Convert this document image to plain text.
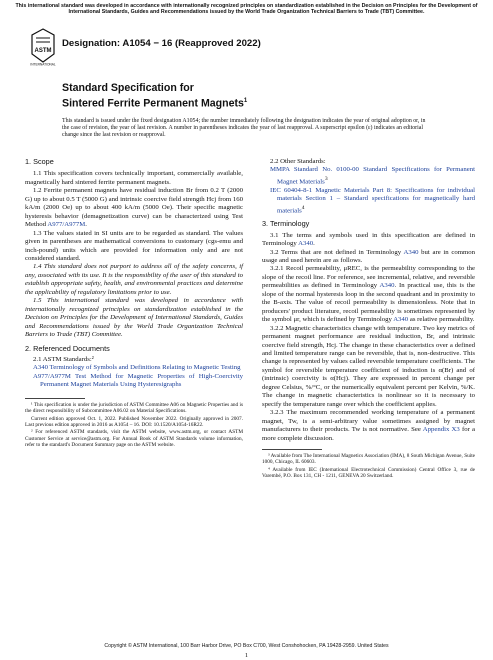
This international standard was developed in accordance with internationally recognized principles on standardization established in the Decision on Principles for the Development of International Standards, Guides and Recommendations issued by the World Trade Organization Technical Barriers to Trade (TBT) Committee.
ASTM
INTERNATIONAL
Designation: A1054 − 16 (Reapproved 2022)
Standard Specification for
Sintered Ferrite Permanent Magnets$^1$
This standard is issued under the fixed designation A1054; the number immediately following the designation indicates the year of original adoption or, in the case of revision, the year of last revision. A number in parentheses indicates the year of last reapproval. A superscript epsilon (ε) indicates an editorial change since the last revision or reapproval.
1. Scope

1.1 This specification covers technically important, commercially available, magnetically hard sintered ferrite permanent magnets.

1.2 Ferrite permanent magnets have residual induction Br from 0.2 T (2000 G) up to about 0.5 T (5000 G) and intrinsic coercive field strength Hcj from 160 kA/m (2000 Oe) up to about 400 kA/m (5000 Oe). Their specific magnetic hysteresis behavior (demagnetization curve) can be characterized using Test Method A977/A977M.

1.3 The values stated in SI units are to be regarded as standard. The values given in parentheses are mathematical conversions to customary (cgs-emu and inch-pound) units which are provided for information only and are not considered standard.

1.4 This standard does not purport to address all of the safety concerns, if any, associated with its use. It is the responsibility of the user of this standard to establish appropriate safety, health, and environmental practices and determine the applicability of regulatory limitations prior to use.

1.5 This international standard was developed in accordance with internationally recognized principles on standardization established in the Decision on Principles for the Development of International Standards, Guides and Recommendations issued by the World Trade Organization Technical Barriers to Trade (TBT) Committee.

2. Referenced Documents

2.1 ASTM Standards:²

A340 Terminology of Symbols and Definitions Relating to Magnetic Testing

A977/A977M Test Method for Magnetic Properties of High-Coercivity Permanent Magnet Materials Using Hysteresigraphs

¹ This specification is under the jurisdiction of ASTM Committee A06 on Magnetic Properties and is the direct responsibility of Subcommittee A06.02 on Material Specifications.

Current edition approved Oct. 1, 2022. Published November 2022. Originally approved in 2007. Last previous edition approved in 2016 as A1054 – 16. DOI: 10.1520/A1054-16R22.

² For referenced ASTM standards, visit the ASTM website, www.astm.org, or contact ASTM Customer Service at service@astm.org. For Annual Book of ASTM Standards volume information, refer to the standard's Document Summary page on the ASTM website.

2.2 Other Standards:

MMPA Standard No. 0100-00 Standard Specifications for Permanent Magnet Materials$^3$

IEC 60404-8-1 Magnetic Materials Part 8: Specifications for individual materials Section 1 – Standard specifications for magnetically hard materials$^4$

3. Terminology

3.1 The terms and symbols used in this specification are defined in Terminology A340.

3.2 Terms that are not defined in Terminology A340 but are in common usage and used herein are as follows.

3.2.1 Recoil permeability, μREC, is the permeability corresponding to the slope of the recoil line. For reference, see incremental, relative, and reversible permeabilities as defined in Terminology A340. In practical use, this is the slope of the normal hysteresis loop in the second quadrant and in proximity to the B-axis. The value of recoil permeability is dimensionless. Note that in producers' product literature, recoil permeability is sometimes represented by the symbol μr, which is defined by Terminology A340 as relative permeability.

3.2.2 Magnetic characteristics change with temperature. Two key metrics of permanent magnet performance are residual induction, Br, and intrinsic coercive field strength, Hcj. The change in these characteristics over a defined and limited temperature range can be reversible, that is, non-destructive. This change is represented by values called reversible temperature coefficients. The symbol for reversible temperature coefficient of induction is α(Br) and of (intrinsic) coercivity is α(Hcj). They are expressed in percent change per degree Celsius, %/°C, or the numerically equivalent percent per Kelvin, %/K. The change in magnetic characteristics is nonlinear so it is necessary to specify the temperature range over which the coefficient applies.

3.2.3 The maximum recommended working temperature of a permanent magnet, Tw, is a semi-arbitrary value sometimes assigned by magnet manufacturers to their products. Tw is not normative. See Appendix X3 for a more complete discussion.

³ Available from The International Magnetics Association (IMA), 8 South Michigan Avenue, Suite 1000, Chicago, IL 60603.

⁴ Available from IEC (International Electrotechnical Commission) Central Office 3, rue de Varembé, P.O. Box 131, CH - 1211, GENEVA 20 Switzerland.

Copyright © ASTM International, 100 Barr Harbor Drive, PO Box C700, West Conshohocken, PA 19428-2959. United States
1
